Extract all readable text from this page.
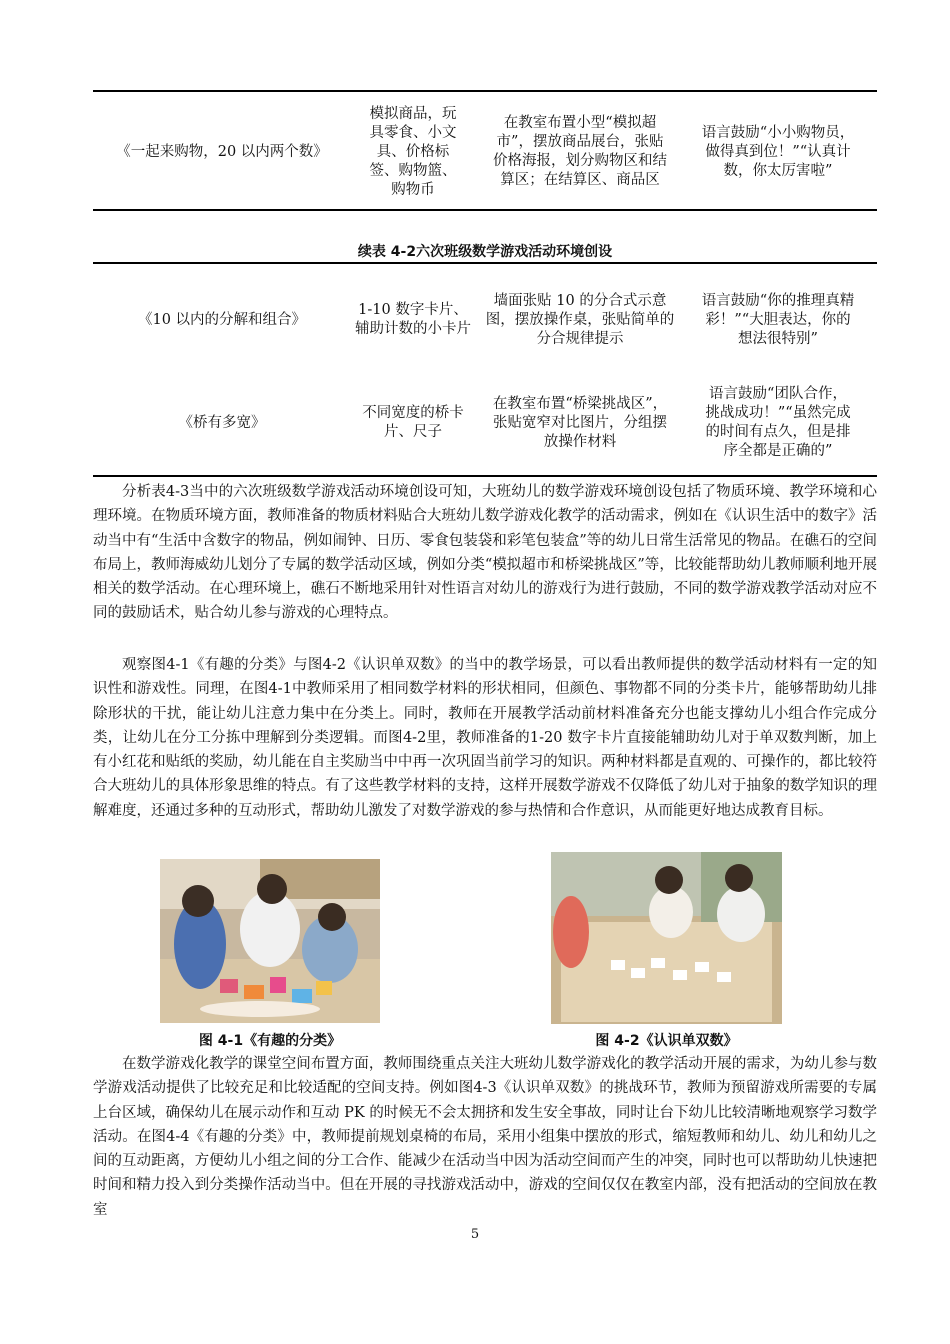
《一起来购物，20 以内两个数》
模拟商品，玩具零食、小文具、价格标签、购物篮、购物币
在教室布置小型“模拟超市”，摆放商品展台，张贴价格海报，划分购物区和结算区；在结算区、商品区
语言鼓励“小小购物员，做得真到位！”“认真计数，你太厉害啦”
续表 4-2六次班级数学游戏活动环境创设
《10 以内的分解和组合》
1-10 数字卡片、辅助计数的小卡片
墙面张贴 10 的分合式示意图，摆放操作桌，张贴简单的分合规律提示
语言鼓励“你的推理真精彩！”“大胆表达，你的想法很特别”
《桥有多宽》
不同宽度的桥卡片、尺子
在教室布置“桥梁挑战区”，张贴宽窄对比图片，分组摆放操作材料
语言鼓励“团队合作，挑战成功！”“虽然完成的时间有点久，但是排序全都是正确的”

分析表4-3当中的六次班级数学游戏活动环境创设可知，大班幼儿的数学游戏环境创设包括了物质环境、教学环境和心理环境。在物质环境方面，教师准备的物质材料贴合大班幼儿数学游戏化教学的活动需求，例如在《认识生活中的数字》活动当中有“生活中含数字的物品，例如闹钟、日历、零食包装袋和彩笔包装盒”等的幼儿日常生活常见的物品。在礁石的空间布局上，教师海威幼儿划分了专属的数学活动区域，例如分类“模拟超市和桥梁挑战区”等，比较能帮助幼儿教师顺利地开展相关的数学活动。在心理环境上，礁石不断地采用针对性语言对幼儿的游戏行为进行鼓励，不同的数学游戏教学活动对应不同的鼓励话术，贴合幼儿参与游戏的心理特点。

观察图4-1《有趣的分类》与图4-2《认识单双数》的当中的教学场景，可以看出教师提供的数学活动材料有一定的知识性和游戏性。同理，在图4-1中教师采用了相同数学材料的形状相同，但颜色、事物都不同的分类卡片，能够帮助幼儿排除形状的干扰，能让幼儿注意力集中在分类上。同时，教师在开展教学活动前材料准备充分也能支撑幼儿小组合作完成分类，让幼儿在分工分拣中理解到分类逻辑。而图4-2里，教师准备的1-20 数字卡片直接能辅助幼儿对于单双数判断，加上有小红花和贴纸的奖励，幼儿能在自主奖励当中中再一次巩固当前学习的知识。两种材料都是直观的、可操作的，都比较符合大班幼儿的具体形象思维的特点。有了这些教学材料的支持，这样开展数学游戏不仅降低了幼儿对于抽象的数学知识的理解难度，还通过多种的互动形式，帮助幼儿激发了对数学游戏的参与热情和合作意识，从而能更好地达成教育目标。

图 4-1《有趣的分类》	图 4-2《认识单双数》

在数学游戏化教学的课堂空间布置方面，教师围绕重点关注大班幼儿数学游戏化的教学活动开展的需求，为幼儿参与数学游戏活动提供了比较充足和比较适配的空间支持。例如图4-3《认识单双数》的挑战环节，教师为预留游戏所需要的专属上台区域，确保幼儿在展示动作和互动 PK 的时候无不会太拥挤和发生安全事故，同时让台下幼儿比较清晰地观察学习数学活动。在图4-4《有趣的分类》中，教师提前规划桌椅的布局，采用小组集中摆放的形式，缩短教师和幼儿、幼儿和幼儿之间的互动距离，方便幼儿小组之间的分工合作、能减少在活动当中因为活动空间而产生的冲突，同时也可以帮助幼儿快速把时间和精力投入到分类操作活动当中。但在开展的寻找游戏活动中，游戏的空间仅仅在教室内部，没有把活动的空间放在教室

5
